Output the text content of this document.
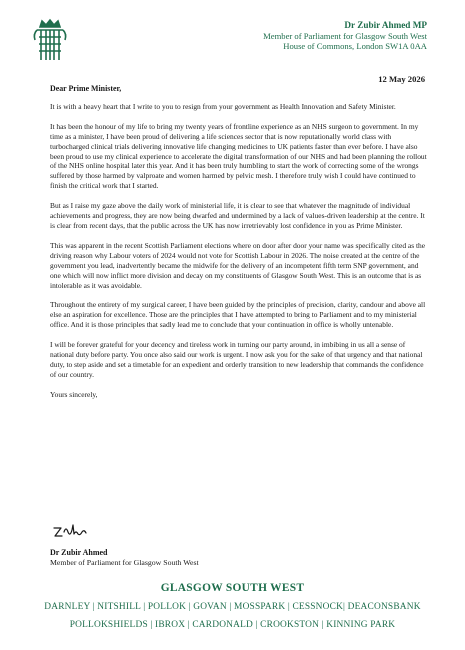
Dr Zubir Ahmed MP
Member of Parliament for Glasgow South West
House of Commons, London SW1A 0AA
12 May 2026

Dear Prime Minister,

It is with a heavy heart that I write to you to resign from your government as Health Innovation and Safety Minister.

It has been the honour of my life to bring my twenty years of frontline experience as an NHS surgeon to government. In my time as a minister, I have been proud of delivering a life sciences sector that is now reputationally world class with turbocharged clinical trials delivering innovative life changing medicines to UK patients faster than ever before. I have also been proud to use my clinical experience to accelerate the digital transformation of our NHS and had been planning the rollout of the NHS online hospital later this year. And it has been truly humbling to start the work of correcting some of the wrongs suffered by those harmed by valproate and women harmed by pelvic mesh. I therefore truly wish I could have continued to finish the critical work that I started.

But as I raise my gaze above the daily work of ministerial life, it is clear to see that whatever the magnitude of individual achievements and progress, they are now being dwarfed and undermined by a lack of values-driven leadership at the centre. It is clear from recent days, that the public across the UK has now irretrievably lost confidence in you as Prime Minister.

This was apparent in the recent Scottish Parliament elections where on door after door your name was specifically cited as the driving reason why Labour voters of 2024 would not vote for Scottish Labour in 2026. The noise created at the centre of the government you lead, inadvertently became the midwife for the delivery of an incompetent fifth term SNP government, and one which will now inflict more division and decay on my constituents of Glasgow South West. This is an outcome that is as intolerable as it was avoidable.

Throughout the entirety of my surgical career, I have been guided by the principles of precision, clarity, candour and above all else an aspiration for excellence. Those are the principles that I have attempted to bring to Parliament and to my ministerial office. And it is those principles that sadly lead me to conclude that your continuation in office is wholly untenable.

I will be forever grateful for your decency and tireless work in turning our party around, in imbibing in us all a sense of national duty before party. You once also said our work is urgent. I now ask you for the sake of that urgency and that national duty, to step aside and set a timetable for an expedient and orderly transition to new leadership that commands the confidence of our country.

Yours sincerely,

Dr Zubir Ahmed
Member of Parliament for Glasgow South West
GLASGOW SOUTH WEST
DARNLEY | NITSHILL | POLLOK | GOVAN | MOSSPARK | CESSNOCK| DEACONSBANK
POLLOKSHIELDS | IBROX | CARDONALD | CROOKSTON | KINNING PARK
